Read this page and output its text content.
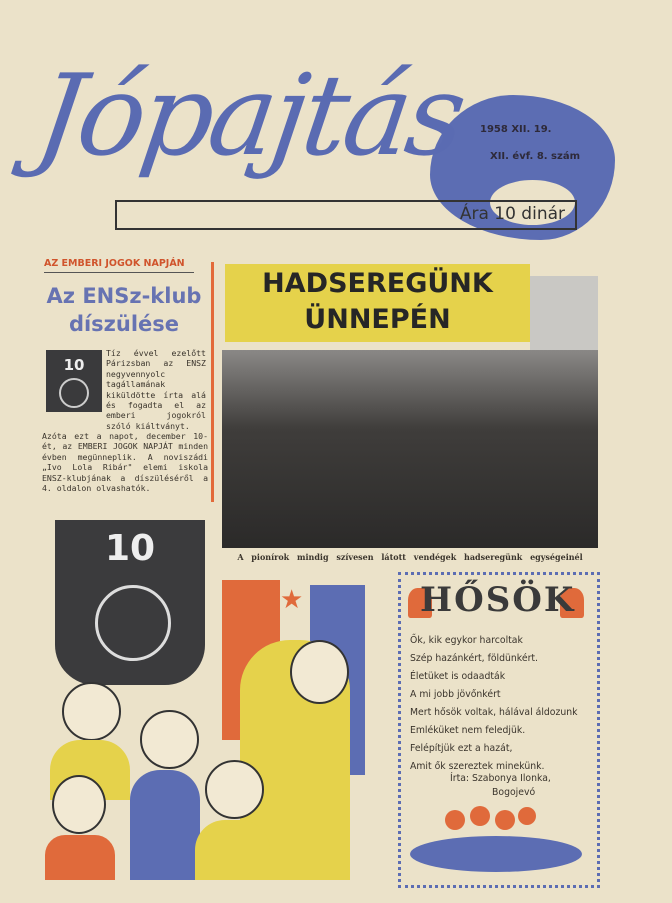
Jópajtás 1958 XII. 19.
XII. évf. 8. szám
Ára 10 dinár
AZ EMBERI JOGOK NAPJÁN
Az ENSz-klub díszülése
10
Tíz évvel ezelőtt Párizsban az ENSZ negyvennyolc tagállamának kiküldötte írta alá és fogadta el az emberi jogokról szóló kiáltványt.
Azóta ezt a napot, december 10-ét, az EMBERI JOGOK NAPJÁT minden évben megünneplik. A noviszádi „Ivo Lola Ribár" elemi iskola ENSZ-klubjának a díszüléséről a 4. oldalon olvashatók.
HADSEREGÜNK
ÜNNEPÉN
A pionírok mindig szívesen látott vendégek hadseregünk egységeinél
10
★	HŐSÖK
Ők, kik egykor harcoltak
Szép hazánkért, földünkért.
Életüket is odaadták
A mi jobb jövőnkért
Mert hősök voltak, hálával áldozunk
Emléküket nem feledjük.
Felépítjük ezt a hazát,
Amit ők szereztek minekünk.
Írta: Szabonya Ilonka,
Bogojevó
